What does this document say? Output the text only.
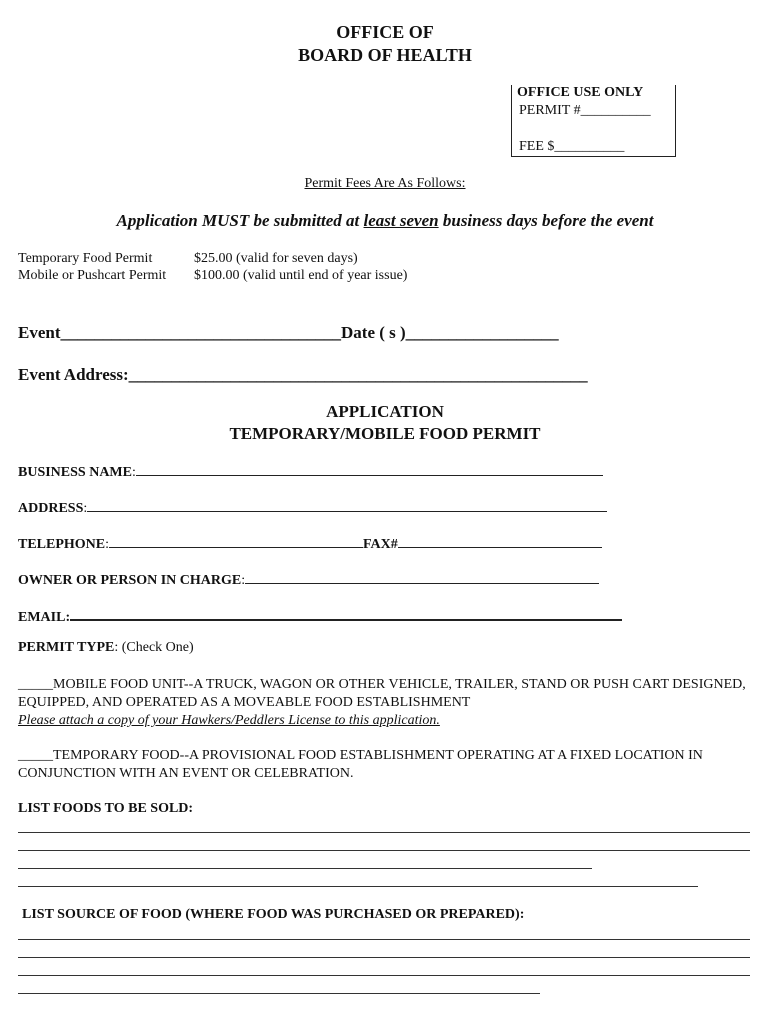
OFFICE OF
BOARD OF HEALTH
OFFICE USE ONLY
PERMIT #__________
FEE $__________
Permit Fees Are As Follows:
Application MUST be submitted at least seven business days before the event
Temporary Food Permit	$25.00 (valid for seven days)
Mobile or Pushcart Permit $100.00 (valid until end of year issue)
Event_________________________________Date ( s )__________________
Event Address:______________________________________________________
APPLICATION
TEMPORARY/MOBILE FOOD PERMIT
BUSINESS NAME:
ADDRESS:
TELEPHONE:	FAX#
OWNER OR PERSON IN CHARGE:
EMAIL:
PERMIT TYPE: (Check One)
_____MOBILE FOOD UNIT--A TRUCK, WAGON OR OTHER VEHICLE, TRAILER, STAND OR PUSH CART DESIGNED, EQUIPPED, AND OPERATED AS A MOVEABLE FOOD ESTABLISHMENT
Please attach a copy of your Hawkers/Peddlers License to this application.
_____TEMPORARY FOOD--A PROVISIONAL FOOD ESTABLISHMENT OPERATING AT A FIXED LOCATION IN CONJUNCTION WITH AN EVENT OR CELEBRATION.
LIST FOODS TO BE SOLD:
LIST SOURCE OF FOOD (WHERE FOOD WAS PURCHASED OR PREPARED):
